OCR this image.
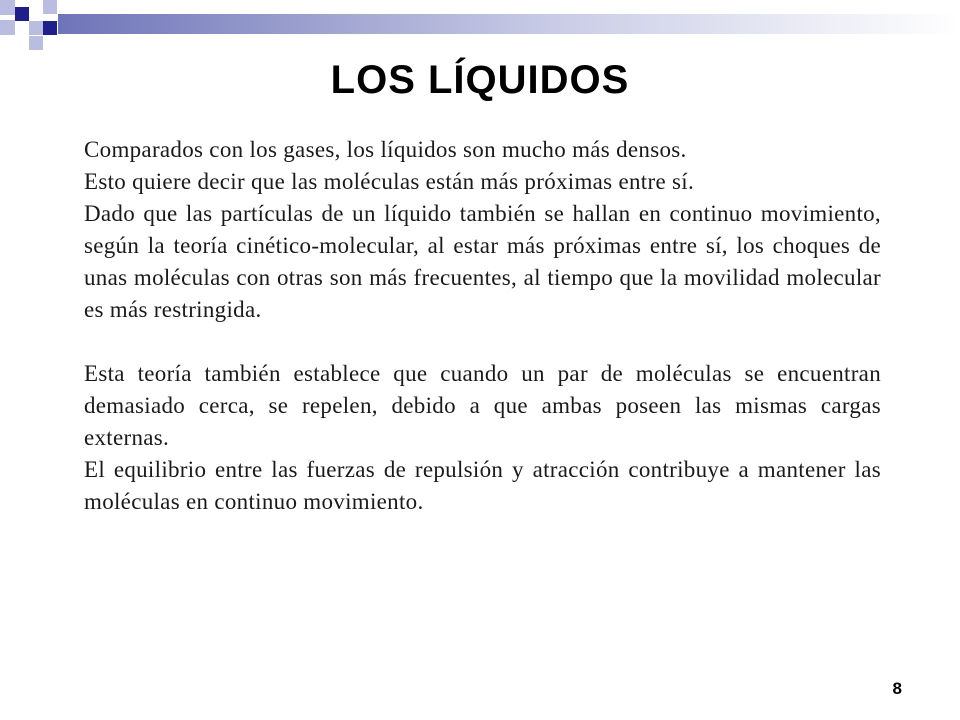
LOS LÍQUIDOS

Comparados con los gases, los líquidos son mucho más densos.

Esto quiere decir que las moléculas están más próximas entre sí.

Dado que las partículas de un líquido también se hallan en continuo movimiento, según la teoría cinético-molecular, al estar más próximas entre sí, los choques de unas moléculas con otras son más frecuentes, al tiempo que la movilidad molecular es más restringida.

Esta teoría también establece que cuando un par de moléculas se encuentran demasiado cerca, se repelen, debido a que ambas poseen las mismas cargas externas.

El equilibrio entre las fuerzas de repulsión y atracción contribuye a mantener las moléculas en continuo movimiento.

8
